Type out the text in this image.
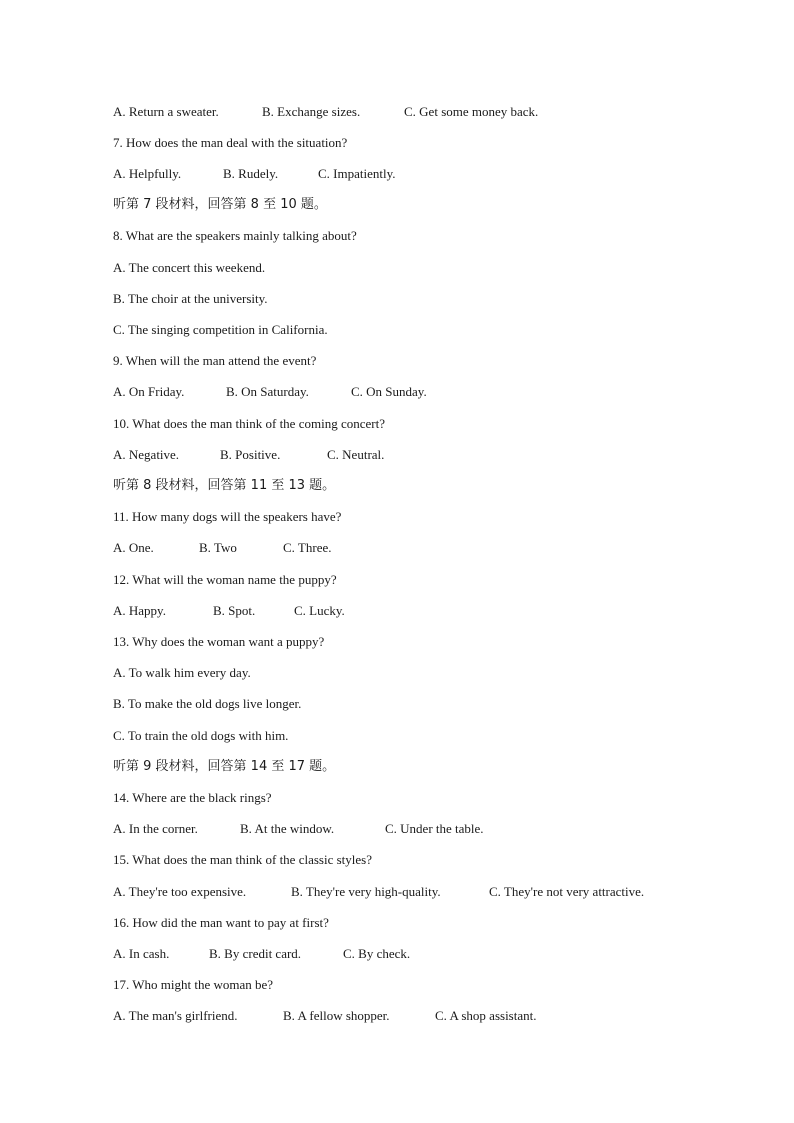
A. Return a sweater.	B. Exchange sizes.	C. Get some money back.
7. How does the man deal with the situation?
A. Helpfully.	B. Rudely.	C. Impatiently.
听第 7 段材料，回答第 8 至 10 题。
8. What are the speakers mainly talking about?
A. The concert this weekend.
B. The choir at the university.
C. The singing competition in California.
9. When will the man attend the event?
A. On Friday.	B. On Saturday.	C. On Sunday.
10. What does the man think of the coming concert?
A. Negative.	B. Positive.	C. Neutral.
听第 8 段材料，回答第 11 至 13 题。
11. How many dogs will the speakers have?
A. One.	B. Two	C. Three.
12. What will the woman name the puppy?
A. Happy.	B. Spot.	C. Lucky.
13. Why does the woman want a puppy?
A. To walk him every day.
B. To make the old dogs live longer.
C. To train the old dogs with him.
听第 9 段材料，回答第 14 至 17 题。
14. Where are the black rings?
A. In the corner.	B. At the window.	C. Under the table.
15. What does the man think of the classic styles?
A. They're too expensive.	B. They're very high-quality.	C. They're not very attractive.
16. How did the man want to pay at first?
A. In cash.	B. By credit card.	C. By check.
17. Who might the woman be?
A. The man's girlfriend.	B. A fellow shopper.	C. A shop assistant.
